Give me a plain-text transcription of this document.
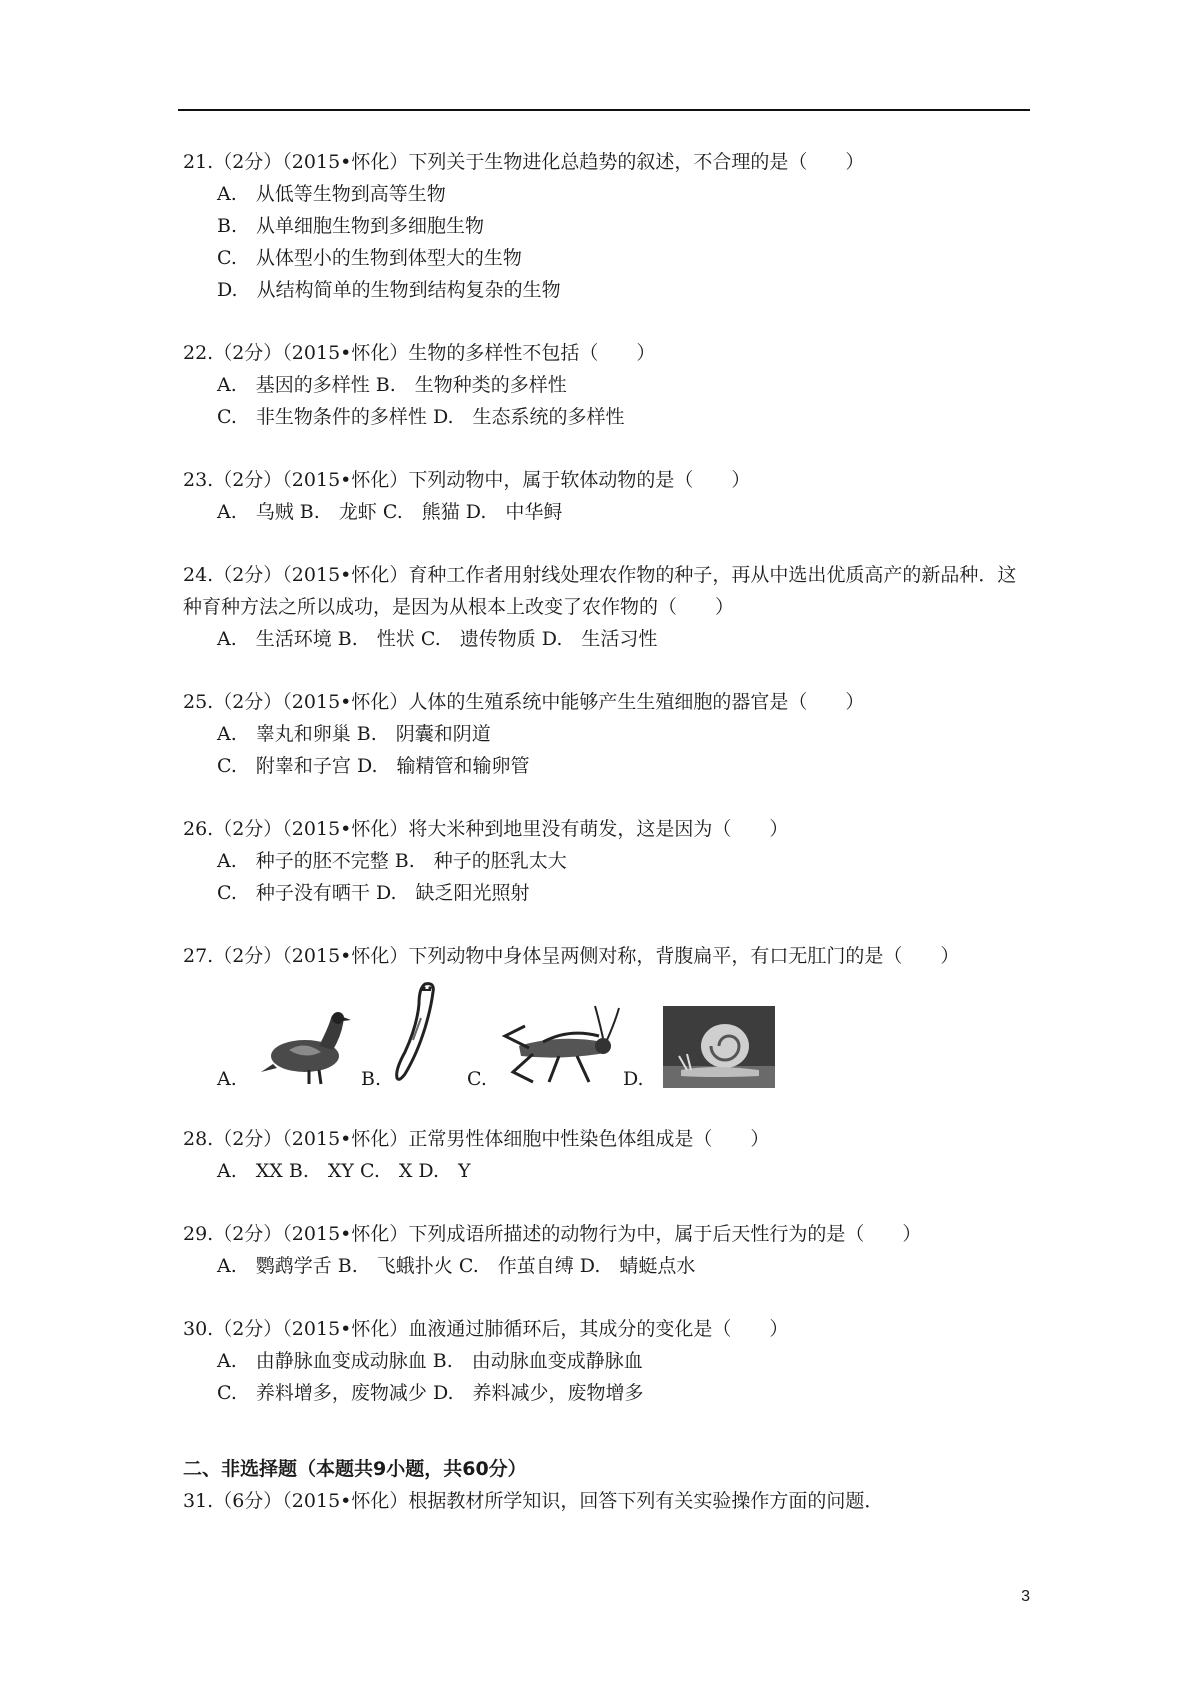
21.（2分）（2015•怀化）下列关于生物进化总趋势的叙述，不合理的是（　　）
A.　从低等生物到高等生物
B.　从单细胞生物到多细胞生物
C.　从体型小的生物到体型大的生物
D.　从结构简单的生物到结构复杂的生物
22.（2分）（2015•怀化）生物的多样性不包括（　　）
A.　基因的多样性 B.　生物种类的多样性
C.　非生物条件的多样性 D.　生态系统的多样性
23.（2分）（2015•怀化）下列动物中，属于软体动物的是（　　）
A.　乌贼 B.　龙虾 C.　熊猫 D.　中华鲟
24.（2分）（2015•怀化）育种工作者用射线处理农作物的种子，再从中选出优质高产的新品种．这种育种方法之所以成功，是因为从根本上改变了农作物的（　　）
A.　生活环境 B.　性状 C.　遗传物质 D.　生活习性
25.（2分）（2015•怀化）人体的生殖系统中能够产生生殖细胞的器官是（　　）
A.　睾丸和卵巢 B.　阴囊和阴道
C.　附睾和子宫 D.　输精管和输卵管
26.（2分）（2015•怀化）将大米种到地里没有萌发，这是因为（　　）
A.　种子的胚不完整 B.　种子的胚乳太大
C.　种子没有晒干 D.　缺乏阳光照射
27.（2分）（2015•怀化）下列动物中身体呈两侧对称，背腹扁平，有口无肛门的是（　　）
A.	B.	C.	D.
28.（2分）（2015•怀化）正常男性体细胞中性染色体组成是（　　）
A.　XX B.　XY C.　X D.　Y
29.（2分）（2015•怀化）下列成语所描述的动物行为中，属于后天性行为的是（　　）
A.　鹦鹉学舌 B.　飞蛾扑火 C.　作茧自缚 D.　蜻蜓点水
30.（2分）（2015•怀化）血液通过肺循环后，其成分的变化是（　　）
A.　由静脉血变成动脉血 B.　由动脉血变成静脉血
C.　养料增多，废物减少 D.　养料减少，废物增多
二、非选择题（本题共9小题，共60分）
31.（6分）（2015•怀化）根据教材所学知识，回答下列有关实验操作方面的问题．
3
